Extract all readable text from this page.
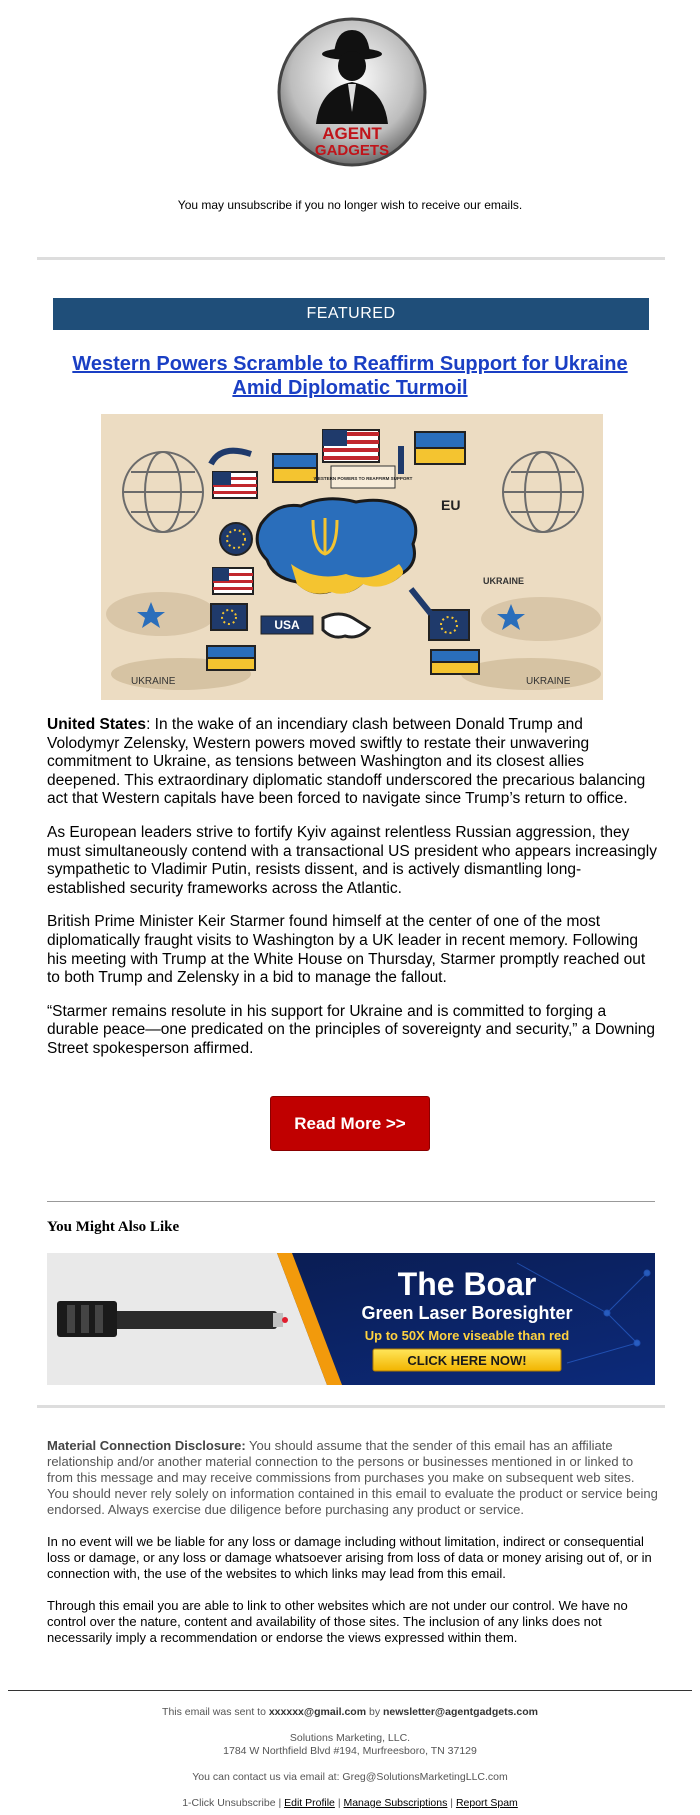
AGENT
GADGETS
You may unsubscribe if you no longer wish to receive our emails.
FEATURED
Western Powers Scramble to Reaffirm Support for Ukraine Amid Diplomatic Turmoil
WESTERN POWERS TO REAFFIRM SUPPORT
EU
USA
UKRAINE	UKRAINE
UKRAINE

United States: In the wake of an incendiary clash between Donald Trump and Volodymyr Zelensky, Western powers moved swiftly to restate their unwavering commitment to Ukraine, as tensions between Washington and its closest allies deepened. This extraordinary diplomatic standoff underscored the precarious balancing act that Western capitals have been forced to navigate since Trump’s return to office.

As European leaders strive to fortify Kyiv against relentless Russian aggression, they must simultaneously contend with a transactional US president who appears increasingly sympathetic to Vladimir Putin, resists dissent, and is actively dismantling long-established security frameworks across the Atlantic.

British Prime Minister Keir Starmer found himself at the center of one of the most diplomatically fraught visits to Washington by a UK leader in recent memory. Following his meeting with Trump at the White House on Thursday, Starmer promptly reached out to both Trump and Zelensky in a bid to manage the fallout.

“Starmer remains resolute in his support for Ukraine and is committed to forging a durable peace—one predicated on the principles of sovereignty and security,” a Downing Street spokesperson affirmed.

Read More >>
You Might Also Like
The Boar
Green Laser Boresighter
Up to 50X More viseable than red
CLICK HERE NOW!

Material Connection Disclosure: You should assume that the sender of this email has an affiliate relationship and/or another material connection to the persons or businesses mentioned in or linked to from this message and may receive commissions from purchases you make on subsequent web sites. You should never rely solely on information contained in this email to evaluate the product or service being endorsed. Always exercise due diligence before purchasing any product or service.

In no event will we be liable for any loss or damage including without limitation, indirect or consequential loss or damage, or any loss or damage whatsoever arising from loss of data or money arising out of, or in connection with, the use of the websites to which links may lead from this email.

Through this email you are able to link to other websites which are not under our control. We have no control over the nature, content and availability of those sites. The inclusion of any links does not necessarily imply a recommendation or endorse the views expressed within them.

This email was sent to xxxxxx@gmail.com by newsletter@agentgadgets.com
Solutions Marketing, LLC.
1784 W Northfield Blvd #194, Murfreesboro, TN 37129
You can contact us via email at: Greg@SolutionsMarketingLLC.com
1-Click Unsubscribe | Edit Profile | Manage Subscriptions | Report Spam
